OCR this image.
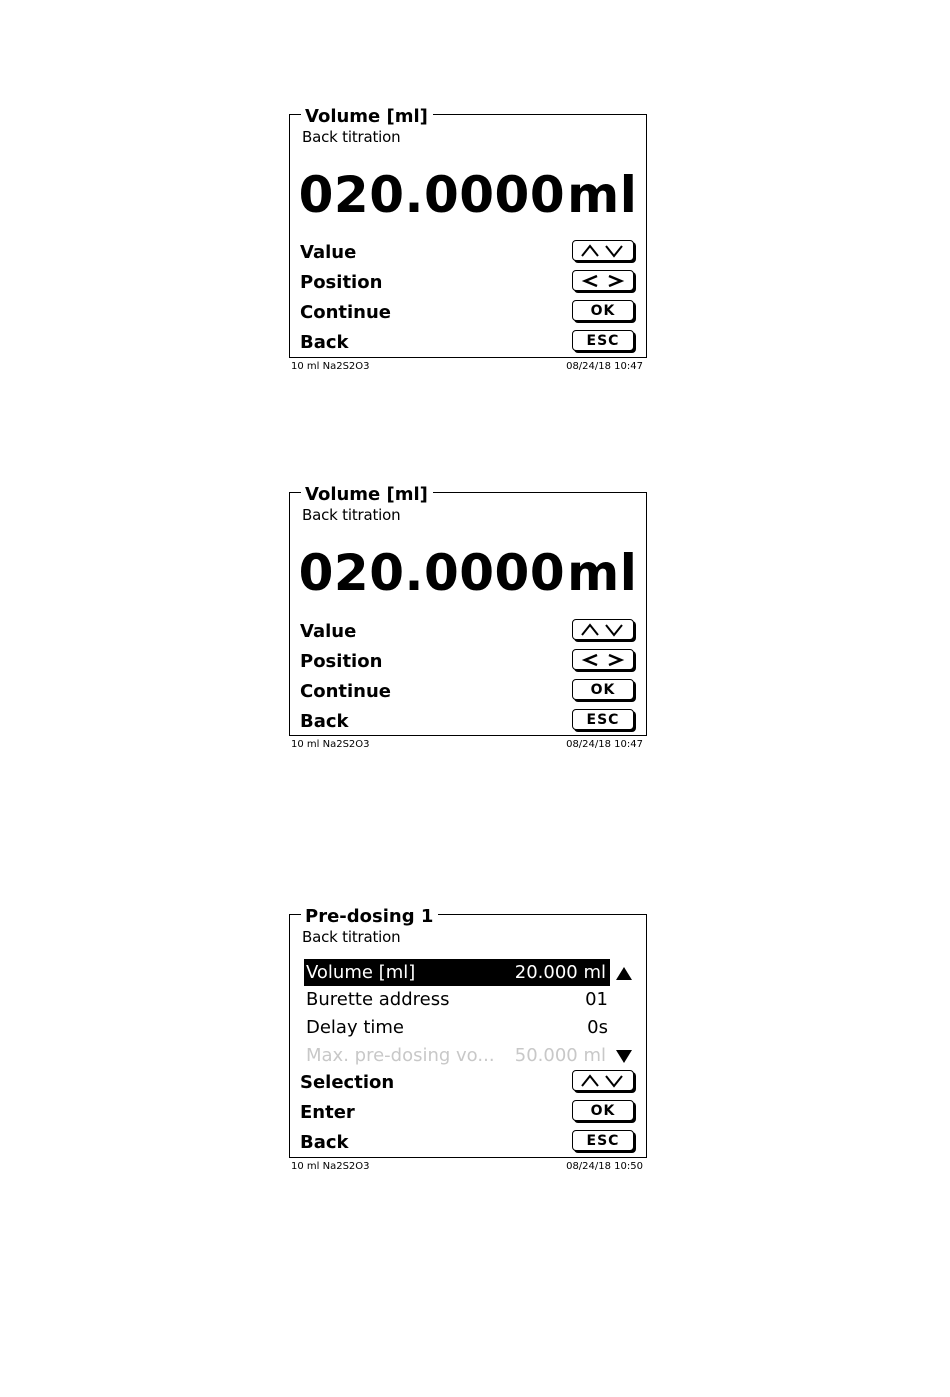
Volume [ml]
Back titration
020.0000ml
Value
Position
Continue	OK
Back	ESC
10 ml Na2S2O3	08/24/18 10:47
Volume [ml]
Back titration
020.0000ml
Value
Position
Continue	OK
Back	ESC
10 ml Na2S2O3	08/24/18 10:47
Pre-dosing 1
Back titration
Volume [ml]	20.000 ml
Burette address	01
Delay time	0s
Max. pre-dosing vo... 50.000 ml
Selection
Enter	OK
Back	ESC
10 ml Na2S2O3	08/24/18 10:50
